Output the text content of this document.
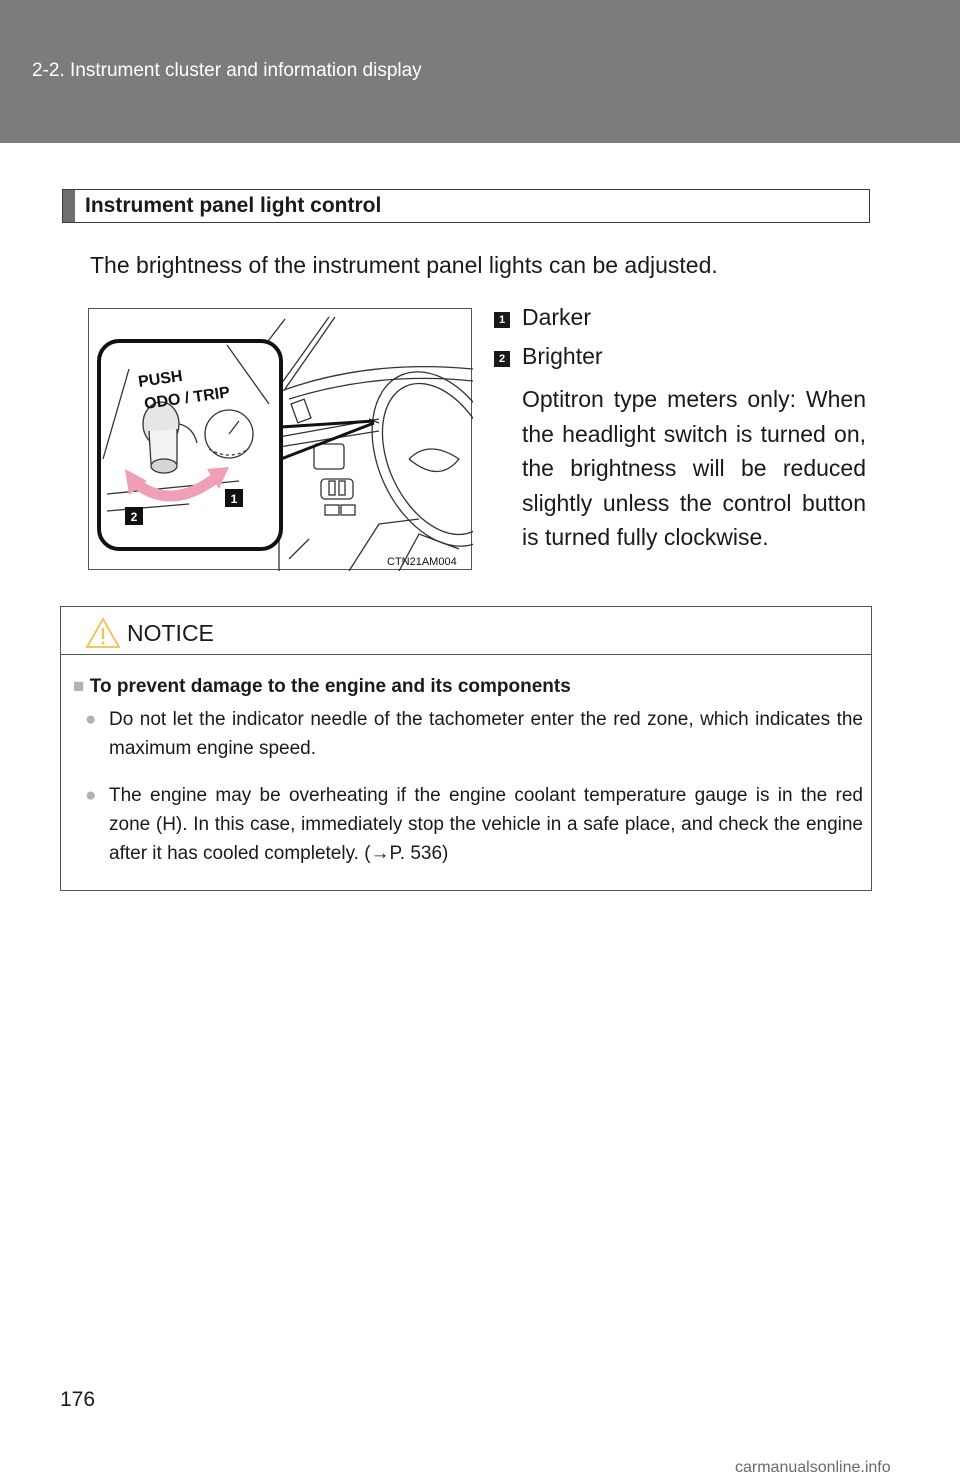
2-2. Instrument cluster and information display
Instrument panel light control
The brightness of the instrument panel lights can be adjusted.
PUSH
ODO / TRIP
2
1
CTN21AM004
1 Darker
2 Brighter
Optitron type meters only: When the headlight switch is turned on, the brightness will be reduced slightly unless the control button is turned fully clockwise.
NOTICE
■ To prevent damage to the engine and its components
● Do not let the indicator needle of the tachometer enter the red zone, which indicates the maximum engine speed.
● The engine may be overheating if the engine coolant temperature gauge is in the red zone (H). In this case, immediately stop the vehicle in a safe place, and check the engine after it has cooled completely. (→P. 536)
176
carmanualsonline.info
